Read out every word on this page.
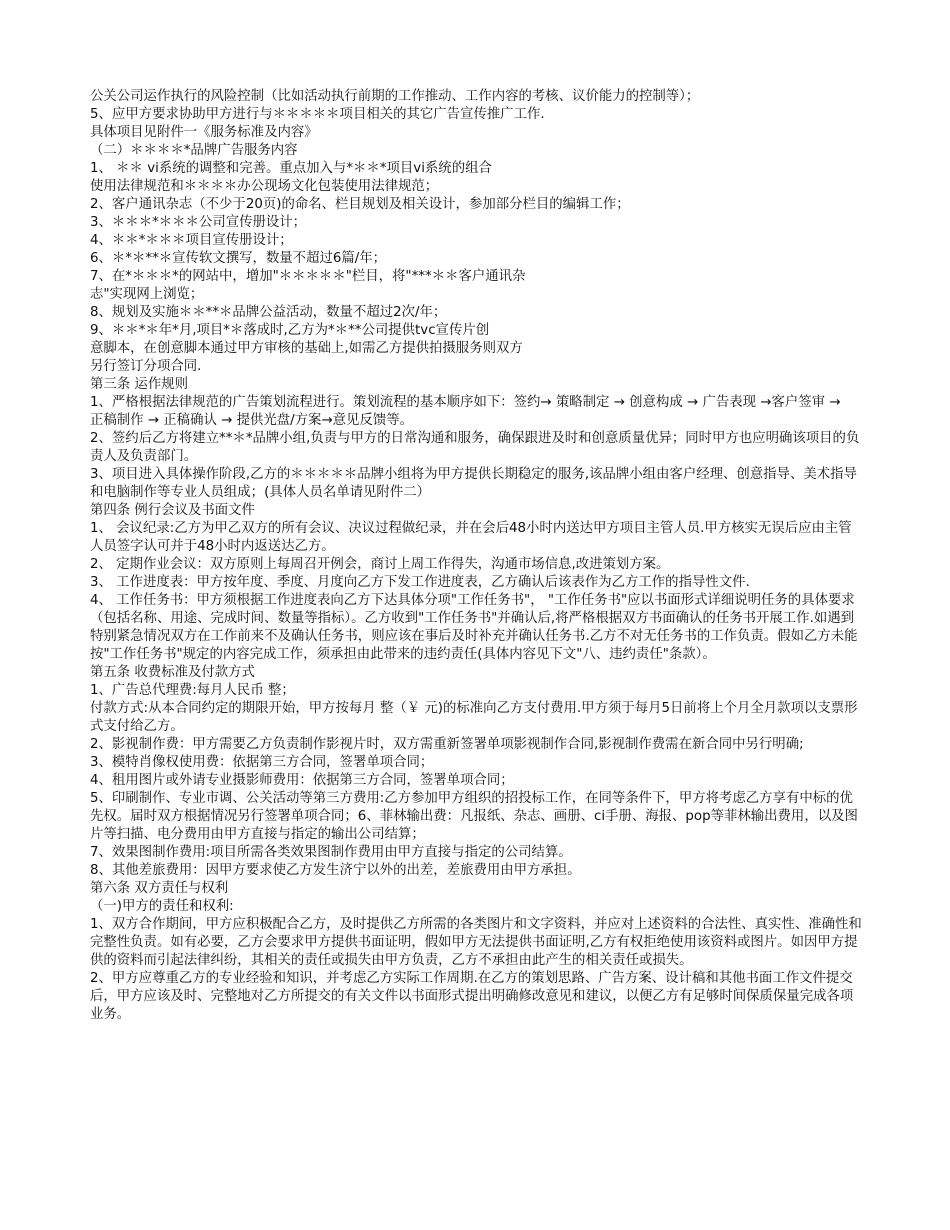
公关公司运作执行的风险控制（比如活动执行前期的工作推动、工作内容的考核、议价能力的控制等）；

5、应甲方要求协助甲方进行与＊＊＊＊＊项目相关的其它广告宣传推广工作.

具体项目见附件一《服务标准及内容》

（二）＊＊＊＊*品牌广告服务内容

1、 ＊＊ vi系统的调整和完善。重点加入与*＊＊*项目vi系统的组合

使用法律规范和＊＊＊＊办公现场文化包装使用法律规范；

2、客户通讯杂志（不少于20页)的命名、栏目规划及相关设计，参加部分栏目的编辑工作；

3、＊＊＊*＊＊＊公司宣传册设计；

4、＊＊*＊＊＊项目宣传册设计；

6、＊*＊**＊宣传软文撰写，数量不超过6篇/年；

7、在*＊＊＊*的网站中，增加"＊＊＊＊＊"栏目，将"***＊＊客户通讯杂

志"实现网上浏览；

8、规划及实施＊＊**＊品牌公益活动，数量不超过2次/年；

9、＊＊*＊年*月,项目*＊落成时,乙方为*＊**公司提供tvc宣传片创

意脚本，在创意脚本通过甲方审核的基础上,如需乙方提供拍摄服务则双方

另行签订分项合同.

第三条 运作规则

1、严格根据法律规范的广告策划流程进行。策划流程的基本顺序如下：签约→ 策略制定 → 创意构成 → 广告表现 →客户签审 →

正稿制作 → 正稿确认 → 提供光盘/方案→意见反馈等。

2、签约后乙方将建立**＊*品牌小组,负责与甲方的日常沟通和服务，确保跟进及时和创意质量优异；同时甲方也应明确该项目的负责人及负责部门。

3、项目进入具体操作阶段,乙方的＊＊＊＊＊品牌小组将为甲方提供长期稳定的服务,该品牌小组由客户经理、创意指导、美术指导和电脑制作等专业人员组成；(具体人员名单请见附件二）

第四条 例行会议及书面文件

1、 会议纪录:乙方为甲乙双方的所有会议、决议过程做纪录，并在会后48小时内送达甲方项目主管人员.甲方核实无误后应由主管人员签字认可并于48小时内返送达乙方。

2、 定期作业会议：双方原则上每周召开例会，商讨上周工作得失，沟通市场信息,改进策划方案。

3、 工作进度表：甲方按年度、季度、月度向乙方下发工作进度表，乙方确认后该表作为乙方工作的指导性文件.

4、 工作任务书：甲方须根据工作进度表向乙方下达具体分项"工作任务书"， "工作任务书"应以书面形式详细说明任务的具体要求（包括名称、用途、完成时间、数量等指标）。乙方收到"工作任务书"并确认后,将严格根据双方书面确认的任务书开展工作.如遇到特别紧急情况双方在工作前来不及确认任务书，则应该在事后及时补充并确认任务书.乙方不对无任务书的工作负责。假如乙方未能按"工作任务书"规定的内容完成工作，须承担由此带来的违约责任(具体内容见下文"八、违约责任"条款）。

第五条 收费标准及付款方式

1、广告总代理费:每月人民币 整；

付款方式:从本合同约定的期限开始，甲方按每月 整（￥ 元)的标准向乙方支付费用.甲方须于每月5日前将上个月全月款项以支票形式支付给乙方。

2、影视制作费：甲方需要乙方负责制作影视片时，双方需重新签署单项影视制作合同,影视制作费需在新合同中另行明确;

3、模特肖像权使用费：依据第三方合同，签署单项合同；

4、租用图片或外请专业摄影师费用：依据第三方合同，签署单项合同；

5、印刷制作、专业市调、公关活动等第三方费用:乙方参加甲方组织的招投标工作，在同等条件下，甲方将考虑乙方享有中标的优先权。届时双方根据情况另行签署单项合同；6、菲林输出费：凡报纸、杂志、画册、ci手册、海报、pop等菲林输出费用，以及图片等扫描、电分费用由甲方直接与指定的输出公司结算；

7、效果图制作费用:项目所需各类效果图制作费用由甲方直接与指定的公司结算。

8、其他差旅费用：因甲方要求使乙方发生济宁以外的出差，差旅费用由甲方承担。

第六条 双方责任与权利

（一)甲方的责任和权利:

1、双方合作期间，甲方应积极配合乙方，及时提供乙方所需的各类图片和文字资料，并应对上述资料的合法性、真实性、准确性和完整性负责。如有必要，乙方会要求甲方提供书面证明，假如甲方无法提供书面证明,乙方有权拒绝使用该资料或图片。如因甲方提供的资料而引起法律纠纷，其相关的责任或损失由甲方负责，乙方不承担由此产生的相关责任或损失。

2、甲方应尊重乙方的专业经验和知识，并考虑乙方实际工作周期.在乙方的策划思路、广告方案、设计稿和其他书面工作文件提交后，甲方应该及时、完整地对乙方所提交的有关文件以书面形式提出明确修改意见和建议，以便乙方有足够时间保质保量完成各项业务。
